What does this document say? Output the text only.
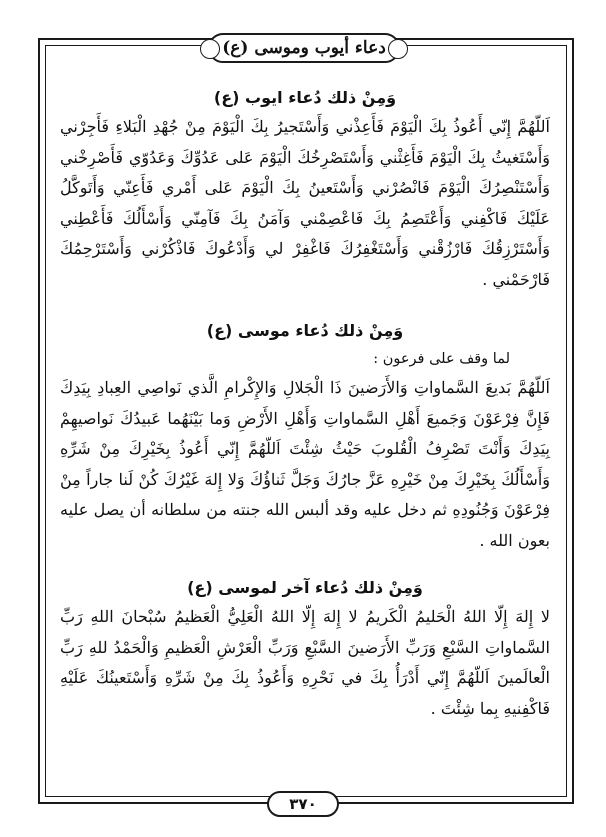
دعاء أيوب وموسى (ع)
وَمِنْ ذلك دُعاء ايوب (ع)

اَللّهُمَّ إِنّي أَعُوذُ بِكَ الْيَوْمَ فَأَعِذْني وَأَسْتَجيرُ بِكَ الْيَوْمَ مِنْ جُهْدِ الْبَلاءِ فَأَجِرْني وَأَسْتَغيثُ بِكَ الْيَوْمَ فَأَغِثْني وَأَسْتَصْرِخُكَ الْيَوْمَ عَلى عَدُوِّكَ وَعَدُوّي فَأَصْرِخْني وَأَسْتَنْصِرُكَ الْيَوْمَ فَانْصُرْني وَأَسْتَعينُ بِكَ الْيَوْمَ عَلى أَمْري فَأَعِنّي وَأَتَوكَّلُ عَلَيْكَ فَاكْفِني وَأَعْتَصِمُ بِكَ فَاعْصِمْني وَآمَنُ بِكَ فَآمِنّي وَأَسْأَلُكَ فَأَعْطِني وَأَسْتَرْزِقُكَ فَارْزُقْني وَأَسْتَغْفِرُكَ فَاغْفِرْ لي وَأَدْعُوكَ فَاذْكُرْني وَأَسْتَرْحِمُكَ فَارْحَمْني .

وَمِنْ ذلك دُعاء موسى (ع)

لما وقف على فرعون :

اَللّهُمَّ بَديعَ السَّماواتِ وَالأَرَضينَ ذَا الْجَلالِ وَالإِكْرامِ الَّذي نَواصِي العِبادِ بِيَدِكَ فَإِنَّ فِرْعَوْنَ وَجَميعَ أَهْلِ السَّماواتِ وَأَهْلِ الأَرْضِ وَما بَيْنَهُما عَبيدُكَ نَواصيهِمْ بِيَدِكَ وَأَنْتَ تَصْرِفُ الْقُلوبَ حَيْثُ شِئْتَ اَللّهُمَّ إِنّي أَعُوذُ بِخَيْرِكَ مِنْ شَرِّهِ وَأَسْأَلُكَ بِخَيْرِكَ مِنْ خَيْرِهِ عَزَّ جارُكَ وَجَلَّ ثَناؤُكَ وَلا إِلهَ غَيْرُكَ كُنْ لَنا جاراً مِنْ فِرْعَوْنَ وَجُنُودِهِ ثم دخل عليه وقد ألبس الله جنته من سلطانه أن يصل عليه بعون الله .

وَمِنْ ذلك دُعاء آخر لموسى (ع)

لا إِلهَ إِلّا اللهُ الْحَليمُ الْكَريمُ لا إِلهَ إِلّا اللهُ الْعَلِيُّ الْعَظيمُ سُبْحانَ اللهِ رَبِّ السَّماواتِ السَّبْعِ وَرَبِّ الأَرَضينَ السَّبْعِ وَرَبِّ الْعَرْشِ الْعَظيمِ وَالْحَمْدُ للهِ رَبِّ الْعالَمينَ اَللّهُمَّ إِنّي أَدْرَأُ بِكَ في نَحْرِهِ وَأَعُوذُ بِكَ مِنْ شَرِّهِ وَأَسْتَعينُكَ عَلَيْهِ فَاكْفِنيهِ بِما شِئْتَ .

٣٧٠
